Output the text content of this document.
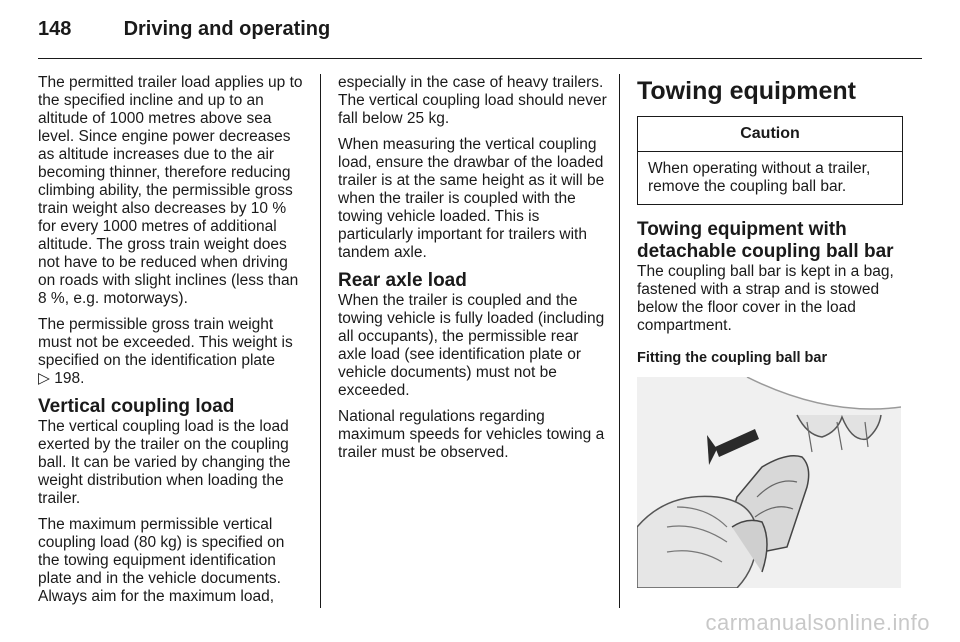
148	Driving and operating

The permitted trailer load applies up to the specified incline and up to an altitude of 1000 metres above sea level. Since engine power decreases as altitude increases due to the air becoming thinner, therefore reducing climbing ability, the permissible gross train weight also decreases by 10 % for every 1000 metres of additional altitude. The gross train weight does not have to be reduced when driving on roads with slight inclines (less than 8 %, e.g. motorways).

The permissible gross train weight must not be exceeded. This weight is specified on the identification plate
▷ 198.

Vertical coupling load

The vertical coupling load is the load exerted by the trailer on the coupling ball. It can be varied by changing the weight distribution when loading the trailer.

The maximum permissible vertical coupling load (80 kg) is specified on the towing equipment identification plate and in the vehicle documents. Always aim for the maximum load,

especially in the case of heavy trailers. The vertical coupling load should never fall below 25 kg.

When measuring the vertical coupling load, ensure the drawbar of the loaded trailer is at the same height as it will be when the trailer is coupled with the towing vehicle loaded. This is particularly important for trailers with tandem axle.

Rear axle load

When the trailer is coupled and the towing vehicle is fully loaded (including all occupants), the permissible rear axle load (see identification plate or vehicle documents) must not be exceeded.

National regulations regarding maximum speeds for vehicles towing a trailer must be observed.

Towing equipment
Caution
When operating without a trailer, remove the coupling ball bar.
Towing equipment with detachable coupling ball bar

The coupling ball bar is kept in a bag, fastened with a strap and is stowed below the floor cover in the load compartment.

Fitting the coupling ball bar
carmanualsonline.info
